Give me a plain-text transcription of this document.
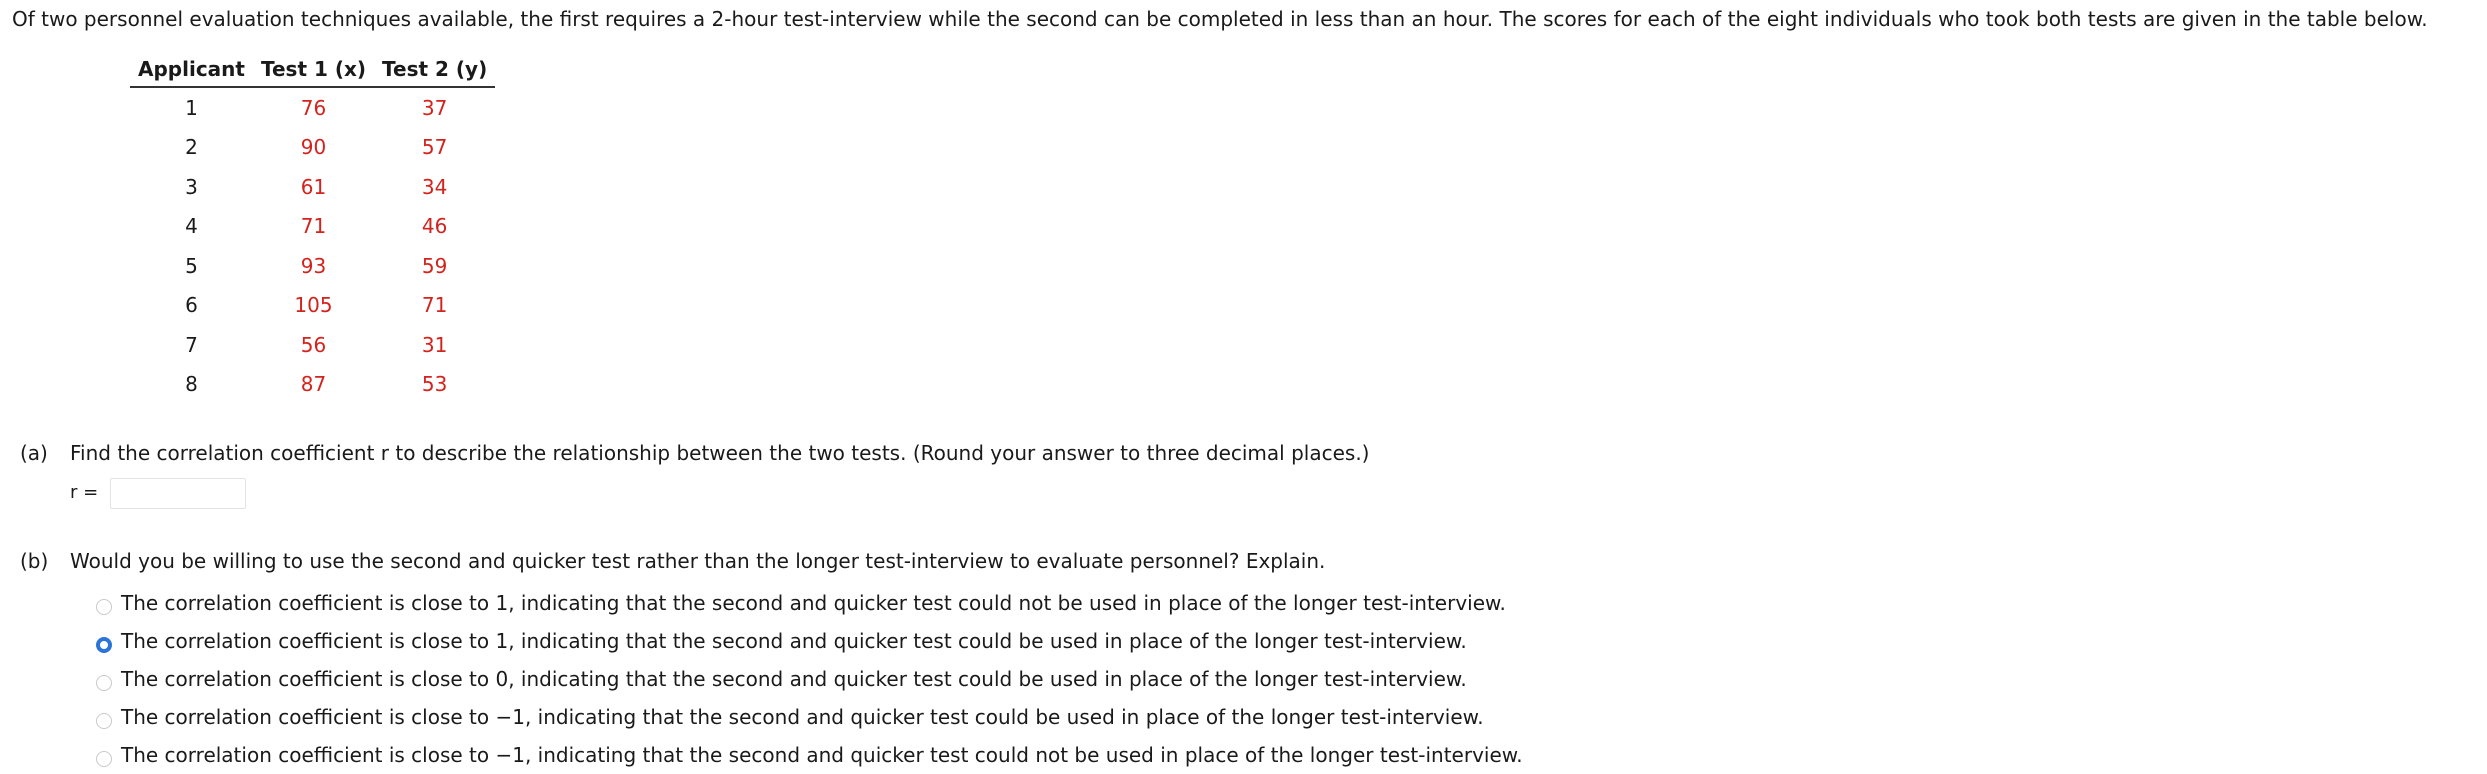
Of two personnel evaluation techniques available, the first requires a 2-hour test-interview while the second can be completed in less than an hour. The scores for each of the eight individuals who took both tests are given in the table below.
Applicant	Test 1 (x)	Test 2 (y)
1	76	37
2	90	57
3	61	34
4	71	46
5	93	59
6	105	71
7	56	31
8	87	53
(a) Find the correlation coefficient r to describe the relationship between the two tests. (Round your answer to three decimal places.)
r =
(b) Would you be willing to use the second and quicker test rather than the longer test-interview to evaluate personnel? Explain.
The correlation coefficient is close to 1, indicating that the second and quicker test could not be used in place of the longer test-interview.
The correlation coefficient is close to 1, indicating that the second and quicker test could be used in place of the longer test-interview.
The correlation coefficient is close to 0, indicating that the second and quicker test could be used in place of the longer test-interview.
The correlation coefficient is close to −1, indicating that the second and quicker test could be used in place of the longer test-interview.
The correlation coefficient is close to −1, indicating that the second and quicker test could not be used in place of the longer test-interview.
